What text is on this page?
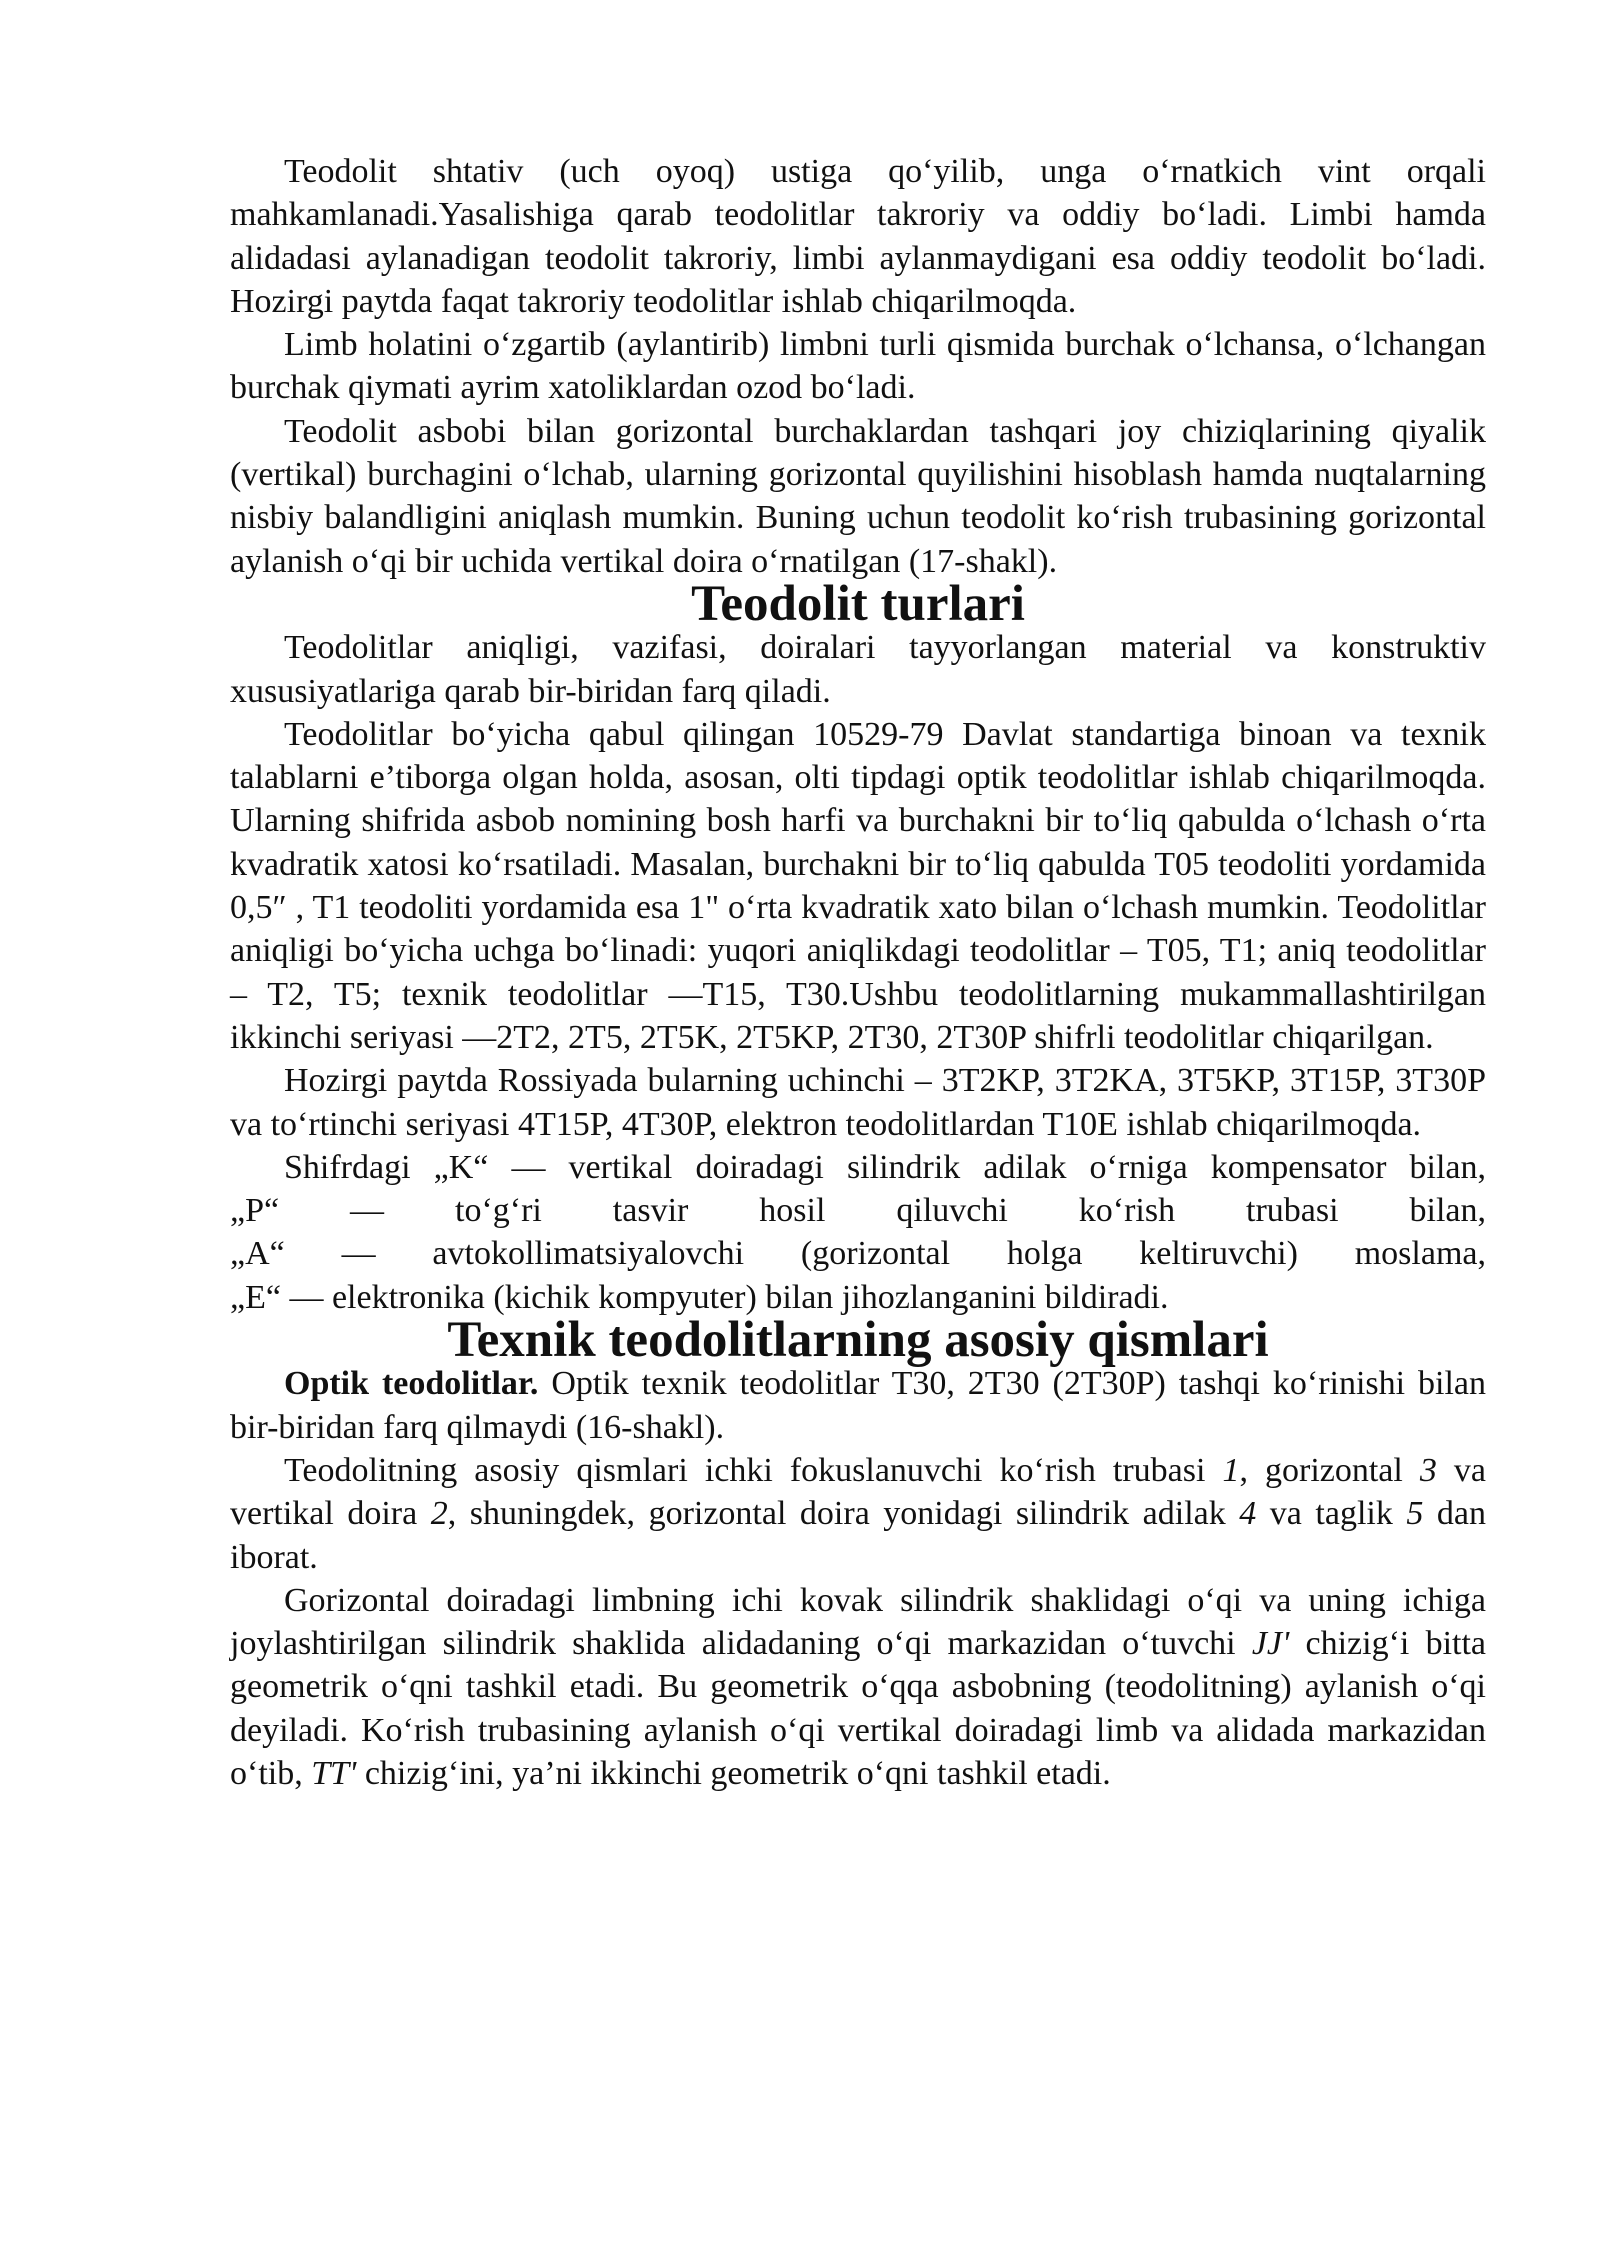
Teodolit shtativ (uch oyoq) ustiga qo‘yilib, unga o‘rnatkich vint orqali mahkamlanadi.Yasalishiga qarab teodolitlar takroriy va oddiy bo‘ladi. Limbi hamda alidadasi aylanadigan teodolit takroriy, limbi aylanmaydigani esa oddiy teodolit bo‘ladi. Hozirgi paytda faqat takroriy teodolitlar ishlab chiqarilmoqda.

Limb holatini o‘zgartib (aylantirib) limbni turli qismida burchak o‘lchansa, o‘lchangan burchak qiymati ayrim xatoliklardan ozod bo‘ladi.

Teodolit asbobi bilan gorizontal burchaklardan tashqari joy chiziqlarining qiyalik (vertikal) burchagini o‘lchab, ularning gorizontal quyilishini hisoblash hamda nuqtalarning nisbiy balandligini aniqlash mumkin. Buning uchun teodolit ko‘rish trubasining gorizontal aylanish o‘qi bir uchida vertikal doira o‘rnatilgan (17-shakl).

Teodolit turlari

Teodolitlar aniqligi, vazifasi, doiralari tayyorlangan material va konstruktiv xususiyatlariga qarab bir-biridan farq qiladi.

Teodolitlar bo‘yicha qabul qilingan 10529-79 Davlat standartiga binoan va texnik talablarni e’tiborga olgan holda, asosan, olti tipdagi optik teodolitlar ishlab chiqarilmoqda. Ularning shifrida asbob nomining bosh harfi va burchakni bir to‘liq qabulda o‘lchash o‘rta kvadratik xatosi ko‘rsatiladi. Masalan, burchakni bir to‘liq qabulda T05 teodoliti yordamida 0,5″ , T1 teodoliti yordamida esa 1" o‘rta kvadratik xato bilan o‘lchash mumkin. Teodolitlar aniqligi bo‘yicha uchga bo‘linadi: yuqori aniqlikdagi teodolitlar – T05, T1; aniq teodolitlar – T2, T5; texnik teodolitlar —T15, T30.Ushbu teodolitlarning mukammallashtirilgan ikkinchi seriyasi —2T2, 2T5, 2T5K, 2T5KP, 2T30, 2T30P shifrli teodolitlar chiqarilgan.

Hozirgi paytda Rossiyada bularning uchinchi – 3T2KP, 3T2KA, 3T5KP, 3T15P, 3T30P va to‘rtinchi seriyasi 4T15P, 4T30P, elektron teodolitlardan T10E ishlab chiqarilmoqda.

Shifrdagi „K“ — vertikal doiradagi silindrik adilak o‘rniga kompensator bilan,
„P“ — to‘g‘ri tasvir hosil qiluvchi ko‘rish trubasi bilan,
„A“ — avtokollimatsiyalovchi (gorizontal holga keltiruvchi) moslama,
„E“ — elektronika (kichik kompyuter) bilan jihozlanganini bildiradi.

Texnik teodolitlarning asosiy qismlari

Optik teodolitlar. Optik texnik teodolitlar T30, 2T30 (2T30P) tashqi ko‘rinishi bilan bir-biridan farq qilmaydi (16-shakl).

Teodolitning asosiy qismlari ichki fokuslanuvchi ko‘rish trubasi 1, gorizontal 3 va vertikal doira 2, shuningdek, gorizontal doira yonidagi silindrik adilak 4 va taglik 5 dan iborat.

Gorizontal doiradagi limbning ichi kovak silindrik shaklidagi o‘qi va uning ichiga joylashtirilgan silindrik shaklida alidadaning o‘qi markazidan o‘tuvchi JJ' chizig‘i bitta geometrik o‘qni tashkil etadi. Bu geometrik o‘qqa asbobning (teodolitning) aylanish o‘qi deyiladi. Ko‘rish trubasining aylanish o‘qi vertikal doiradagi limb va alidada markazidan o‘tib, TT' chizig‘ini, ya’ni ikkinchi geometrik o‘qni tashkil etadi.
